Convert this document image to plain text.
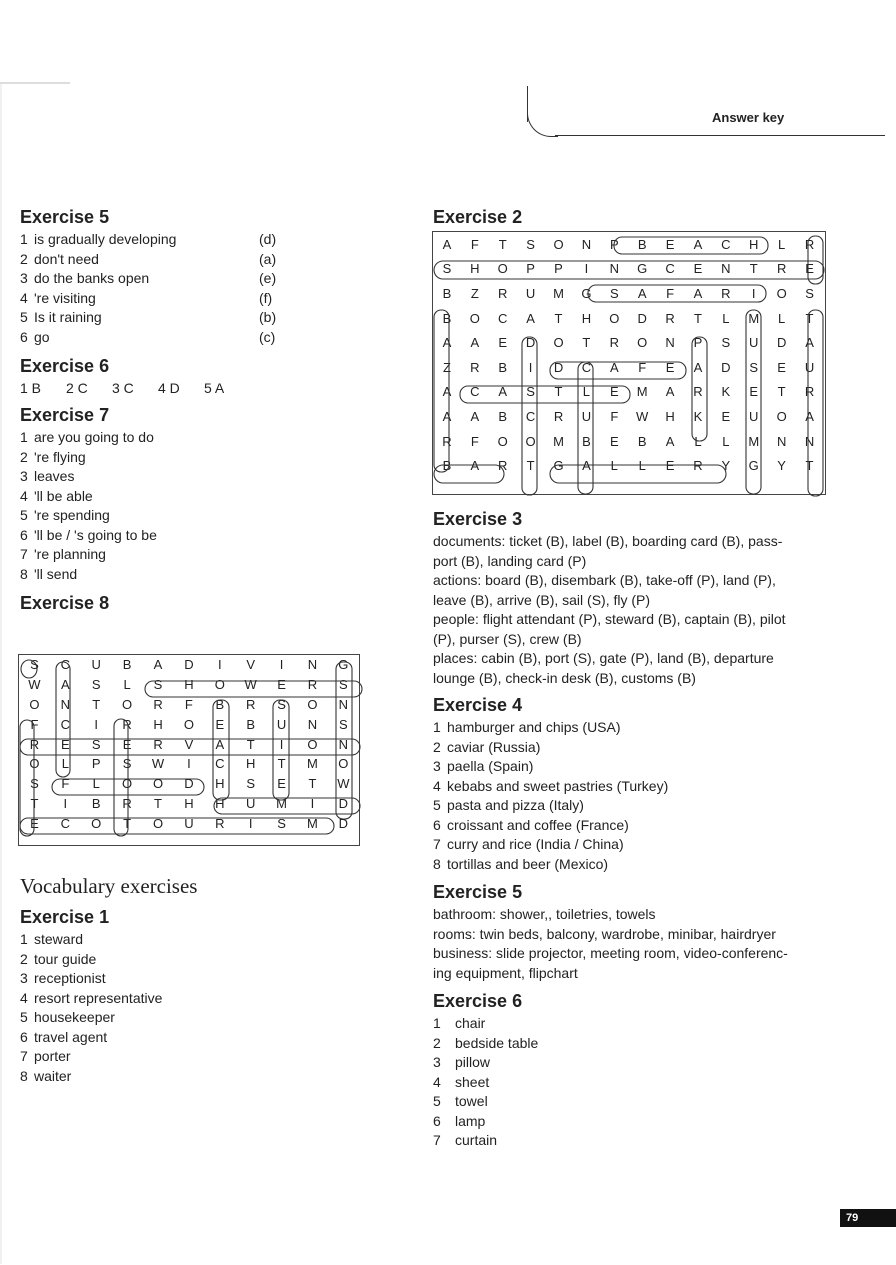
Answer key
Exercise 5
1 is gradually developing	(d)
2 don't need	(a)
3 do the banks open	(e)
4 're visiting	(f)
5 Is it raining	(b)
6 go	(c)
Exercise 6
1 B 2 C 3 C 4 D 5 A
Exercise 7
1 are you going to do
2 're flying
3 leaves
4 'll be able
5 're spending
6 'll be / 's going to be
7 're planning
8 'll send
Exercise 8
S	C	U	B	A	D	I	V	I	N	G
W	A	S	L	S	H	O	W	E	R	S
O	N	T	O	R	F	B	R	S	O	N
F	C	I	R	H	O	E	B	U	N	S
R	E	S	E	R	V	A	T	I	O	N
O	L	P	S	W	I	C	H	T	M	O
S	F	L	O	O	D	H	S	E	T	W
T	I	B	R	T	H	H	U	M	I	D
E	C	O	T	O	U	R	I	S	M	D
Vocabulary exercises
Exercise 1
1 steward
2 tour guide
3 receptionist
4 resort representative
5 housekeeper
6 travel agent
7 porter
8 waiter
Exercise 2
A	F	T	S	O	N	P	B	E	A	C	H	L	R
S	H	O	P	P	I	N	G	C	E	N	T	R	E
B	Z	R	U	M	G	S	A	F	A	R	I	O	S
B	O	C	A	T	H	O	D	R	T	L	M	L	T
A	A	E	D	O	T	R	O	N	P	S	U	D	A
Z	R	B	I	D	C	A	F	E	A	D	S	E	U
A	C	A	S	T	L	E	M	A	R	K	E	T	R
A	A	B	C	R	U	F	W	H	K	E	U	O	A
R	F	O	O	M	B	E	B	A	L	L	M	N	N
B	A	R	T	G	A	L	L	E	R	Y	G	Y	T
Exercise 3
documents: ticket (B), label (B), boarding card (B), pass-
port (B), landing card (P)
actions: board (B), disembark (B), take-off (P), land (P),
leave (B), arrive (B), sail (S), fly (P)
people: flight attendant (P), steward (B), captain (B), pilot
(P), purser (S), crew (B)
places: cabin (B), port (S), gate (P), land (B), departure
lounge (B), check-in desk (B), customs (B)
Exercise 4
1 hamburger and chips (USA)
2 caviar (Russia)
3 paella (Spain)
4 kebabs and sweet pastries (Turkey)
5 pasta and pizza (Italy)
6 croissant and coffee (France)
7 curry and rice (India / China)
8 tortillas and beer (Mexico)
Exercise 5
bathroom: shower,, toiletries, towels
rooms: twin beds, balcony, wardrobe, minibar, hairdryer
business: slide projector, meeting room, video-conferenc-
ing equipment, flipchart
Exercise 6
1 chair
2 bedside table
3 pillow
4 sheet
5 towel
6 lamp
7 curtain
79
